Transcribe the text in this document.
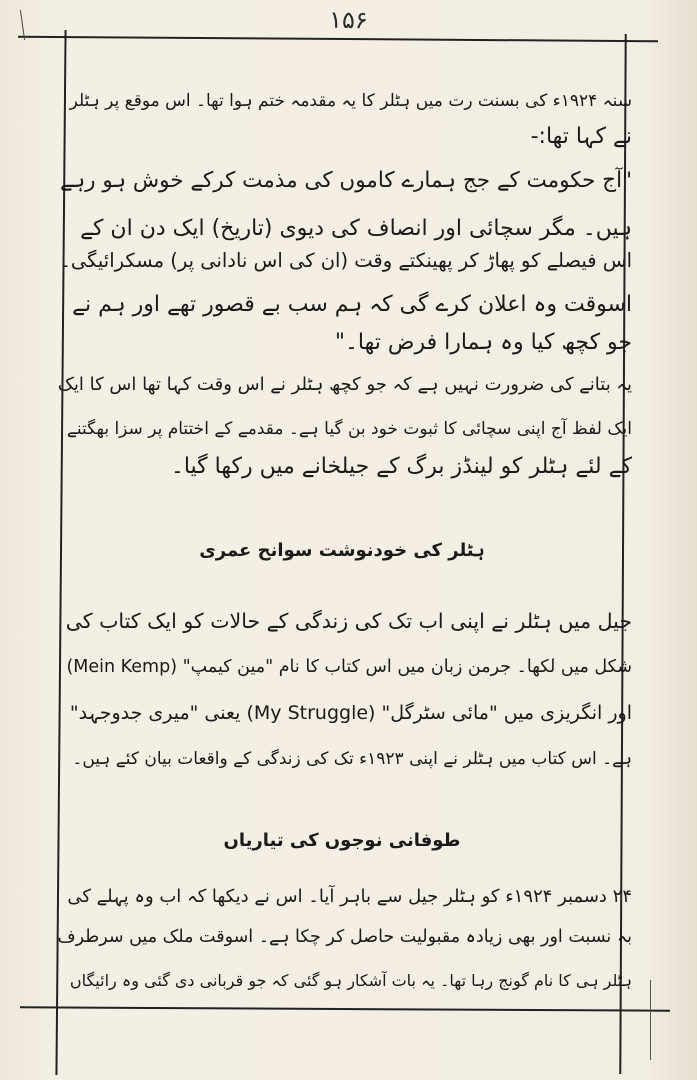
۱۵۶
سنہ ۱۹۲۴ء کی بسنت رت میں ہٹلر کا یہ مقدمہ ختم ہوا تھا۔ اس موقع پر ہٹلر
نے کہا تھا:-
"آج حکومت کے جج ہمارے کاموں کی مذمت کرکے خوش ہو رہے
ہیں۔ مگر سچائی اور انصاف کی دیوی (تاریخ) ایک دن ان کے
اس فیصلے کو پھاڑ کر پھینکتے وقت (ان کی اس نادانی پر) مسکرائیگی۔
اسوقت وہ اعلان کرے گی کہ ہم سب بے قصور تھے اور ہم نے
جو کچھ کیا وہ ہمارا فرض تھا۔"
یہ بتانے کی ضرورت نہیں ہے کہ جو کچھ ہٹلر نے اس وقت کہا تھا اس کا ایک
ایک لفظ آج اپنی سچائی کا ثبوت خود بن گیا ہے۔ مقدمے کے اختتام پر سزا بھگتنے
کے لئے ہٹلر کو لینڈز برگ کے جیلخانے میں رکھا گیا۔
ہٹلر کی خودنوشت سوانح عمری
جیل میں ہٹلر نے اپنی اب تک کی زندگی کے حالات کو ایک کتاب کی
شکل میں لکھا۔ جرمن زبان میں اس کتاب کا نام "مین کیمپ" (Mein Kemp)
اور انگریزی میں "مائی سٹرگل" (My Struggle) یعنی "میری جدوجہد"
ہے۔ اس کتاب میں ہٹلر نے اپنی ۱۹۲۳ء تک کی زندگی کے واقعات بیان کئے ہیں۔
طوفانی نوجوں کی تیاریاں
۲۴ دسمبر ۱۹۲۴ء کو ہٹلر جیل سے باہر آیا۔ اس نے دیکھا کہ اب وہ پہلے کی
بہ نسبت اور بھی زیادہ مقبولیت حاصل کر چکا ہے۔ اسوقت ملک میں سرطرف
ہٹلر ہی کا نام گونج رہا تھا۔ یہ بات آشکار ہو گئی کہ جو قربانی دی گئی وہ رائیگاں
